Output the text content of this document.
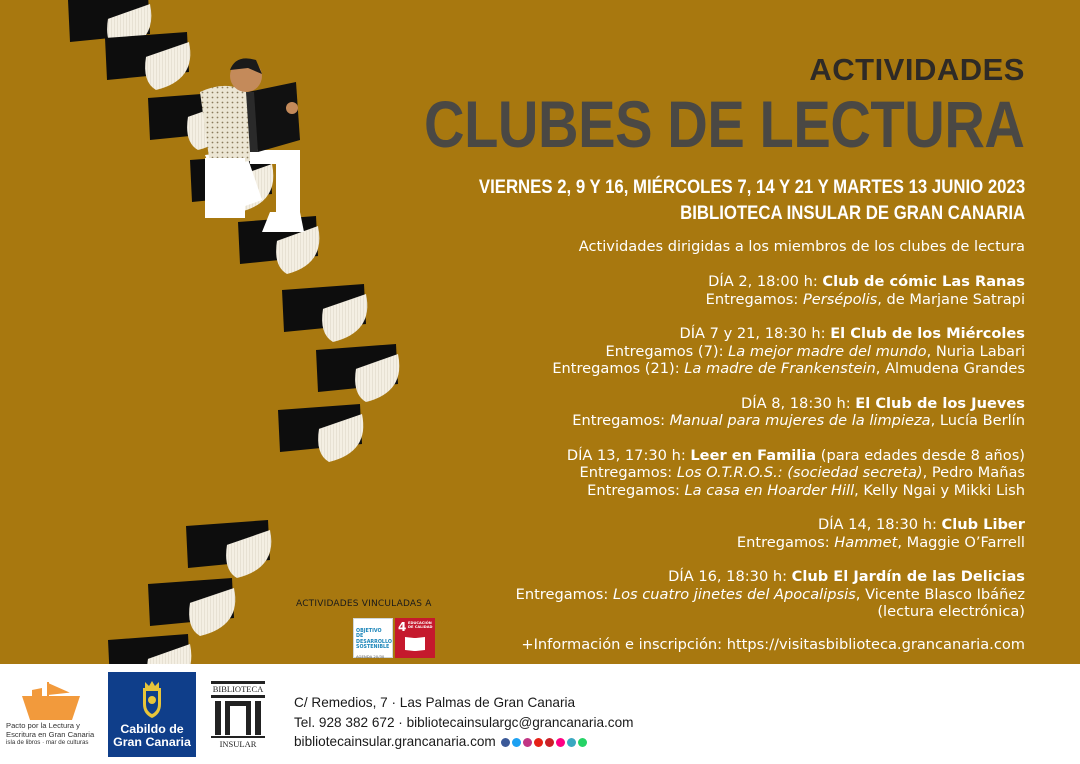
ACTIVIDADES
CLUBES DE LECTURA
VIERNES 2, 9 Y 16, MIÉRCOLES 7, 14 Y 21 Y MARTES 13 JUNIO 2023
BIBLIOTECA INSULAR DE GRAN CANARIA
Actividades dirigidas a los miembros de los clubes de lectura
DÍA 2, 18:00 h: Club de cómic Las Ranas
Entregamos: Persépolis, de Marjane Satrapi
DÍA 7 y 21, 18:30 h: El Club de los Miércoles
Entregamos (7): La mejor madre del mundo, Nuria Labari
Entregamos (21): La madre de Frankenstein, Almudena Grandes
DÍA 8, 18:30 h: El Club de los Jueves
Entregamos: Manual para mujeres de la limpieza, Lucía Berlín
DÍA 13, 17:30 h: Leer en Familia (para edades desde 8 años)
Entregamos: Los O.T.R.O.S.: (sociedad secreta), Pedro Mañas
Entregamos: La casa en Hoarder Hill, Kelly Ngai y Mikki Lish
DÍA 14, 18:30 h: Club Liber
Entregamos: Hammet, Maggie O’Farrell
DÍA 16, 18:30 h: Club El Jardín de las Delicias
Entregamos: Los cuatro jinetes del Apocalipsis, Vicente Blasco Ibáñez
(lectura electrónica)
+Información e inscripción: https://visitasbiblioteca.grancanaria.com
ACTIVIDADES VINCULADAS A
OBJETIVO DE DESARROLLO SOSTENIBLE
AGENDA 20/30
4 EDUCACIÓN DE CALIDAD
Pacto por la Lectura y
Escritura en Gran Canaria
isla de libros · mar de culturas
Cabildo de
Gran Canaria
BIBLIOTECA
INSULAR
C/ Remedios, 7 · Las Palmas de Gran Canaria
Tel. 928 382 672 · bibliotecainsulargc@grancanaria.com
bibliotecainsular.grancanaria.com
